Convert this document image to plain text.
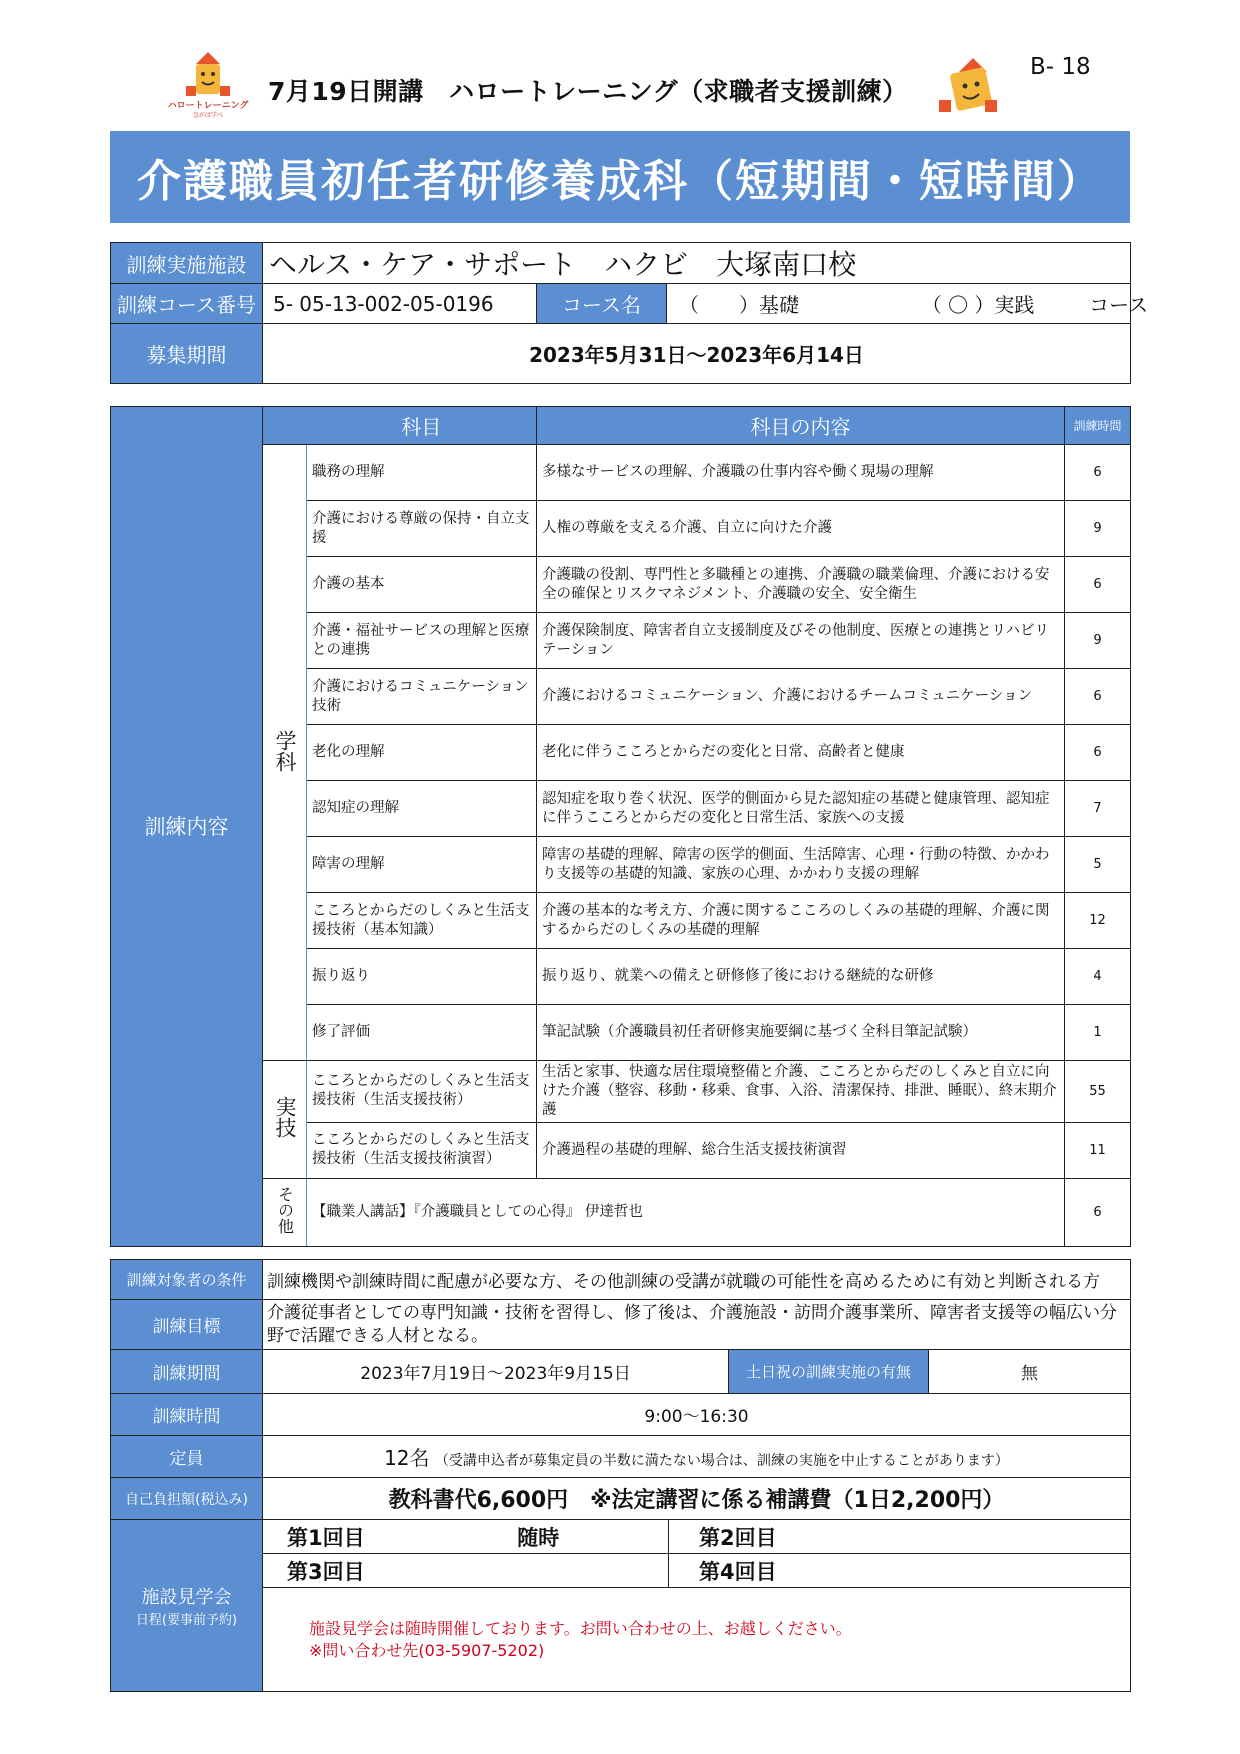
ハロートレーニング
急がば学べ
7月19日開講　ハロートレーニング（求職者支援訓練）
B- 18
介護職員初任者研修養成科（短期間・短時間）
訓練実施施設	ヘルス・ケア・サポート　ハクビ　大塚南口校		
訓練コース番号	5- 05-13-002-05-0196	コース名	（　　）基礎 （ 〇 ）実践 コース
募集期間	2023年5月31日～2023年6月14日		
訓練内容		科目	科目の内容	訓練時間
	学科	職務の理解	多様なサービスの理解、介護職の仕事内容や働く現場の理解	6
		介護における尊厳の保持・自立支援	人権の尊厳を支える介護、自立に向けた介護	9
		介護の基本	介護職の役割、専門性と多職種との連携、介護職の職業倫理、介護における安全の確保とリスクマネジメント、介護職の安全、安全衛生	6
		介護・福祉サービスの理解と医療との連携	介護保険制度、障害者自立支援制度及びその他制度、医療との連携とリハビリテーション	9
		介護におけるコミュニケーション技術	介護におけるコミュニケーション、介護におけるチームコミュニケーション	6
		老化の理解	老化に伴うこころとからだの変化と日常、高齢者と健康	6
		認知症の理解	認知症を取り巻く状況、医学的側面から見た認知症の基礎と健康管理、認知症に伴うこころとからだの変化と日常生活、家族への支援	7
		障害の理解	障害の基礎的理解、障害の医学的側面、生活障害、心理・行動の特徴、かかわり支援等の基礎的知識、家族の心理、かかわり支援の理解	5
		こころとからだのしくみと生活支援技術（基本知識）	介護の基本的な考え方、介護に関するこころのしくみの基礎的理解、介護に関するからだのしくみの基礎的理解	12
		振り返り	振り返り、就業への備えと研修修了後における継続的な研修	4
		修了評価	筆記試験（介護職員初任者研修実施要綱に基づく全科目筆記試験）	1
	実技	こころとからだのしくみと生活支援技術（生活支援技術）	生活と家事、快適な居住環境整備と介護、こころとからだのしくみと自立に向けた介護（整容、移動・移乗、食事、入浴、清潔保持、排泄、睡眠）、終末期介護	55
		こころとからだのしくみと生活支援技術（生活支援技術演習）	介護過程の基礎的理解、総合生活支援技術演習	11
	その他	【職業人講話】『介護職員としての心得』 伊達哲也		6
訓練対象者の条件	訓練機関や訓練時間に配慮が必要な方、その他訓練の受講が就職の可能性を高めるために有効と判断される方			
訓練目標	介護従事者としての専門知識・技術を習得し、修了後は、介護施設・訪問介護事業所、障害者支援等の幅広い分野で活躍できる人材となる。			
訓練期間	2023年7月19日～2023年9月15日		土日祝の訓練実施の有無	無
訓練時間	9:00～16:30			
定員	12名 （受講申込者が募集定員の半数に満たない場合は、訓練の実施を中止することがあります）			
自己負担額(税込み)	教科書代6,600円　※法定講習に係る補講費（1日2,200円）			

施設見学会
日程(要事前予約)	第1回目 随時	第2回目		
	第3回目	第4回目		

	施設見学会は随時開催しております。お問い合わせの上、お越しください。
※問い合わせ先(03-5907-5202)			
